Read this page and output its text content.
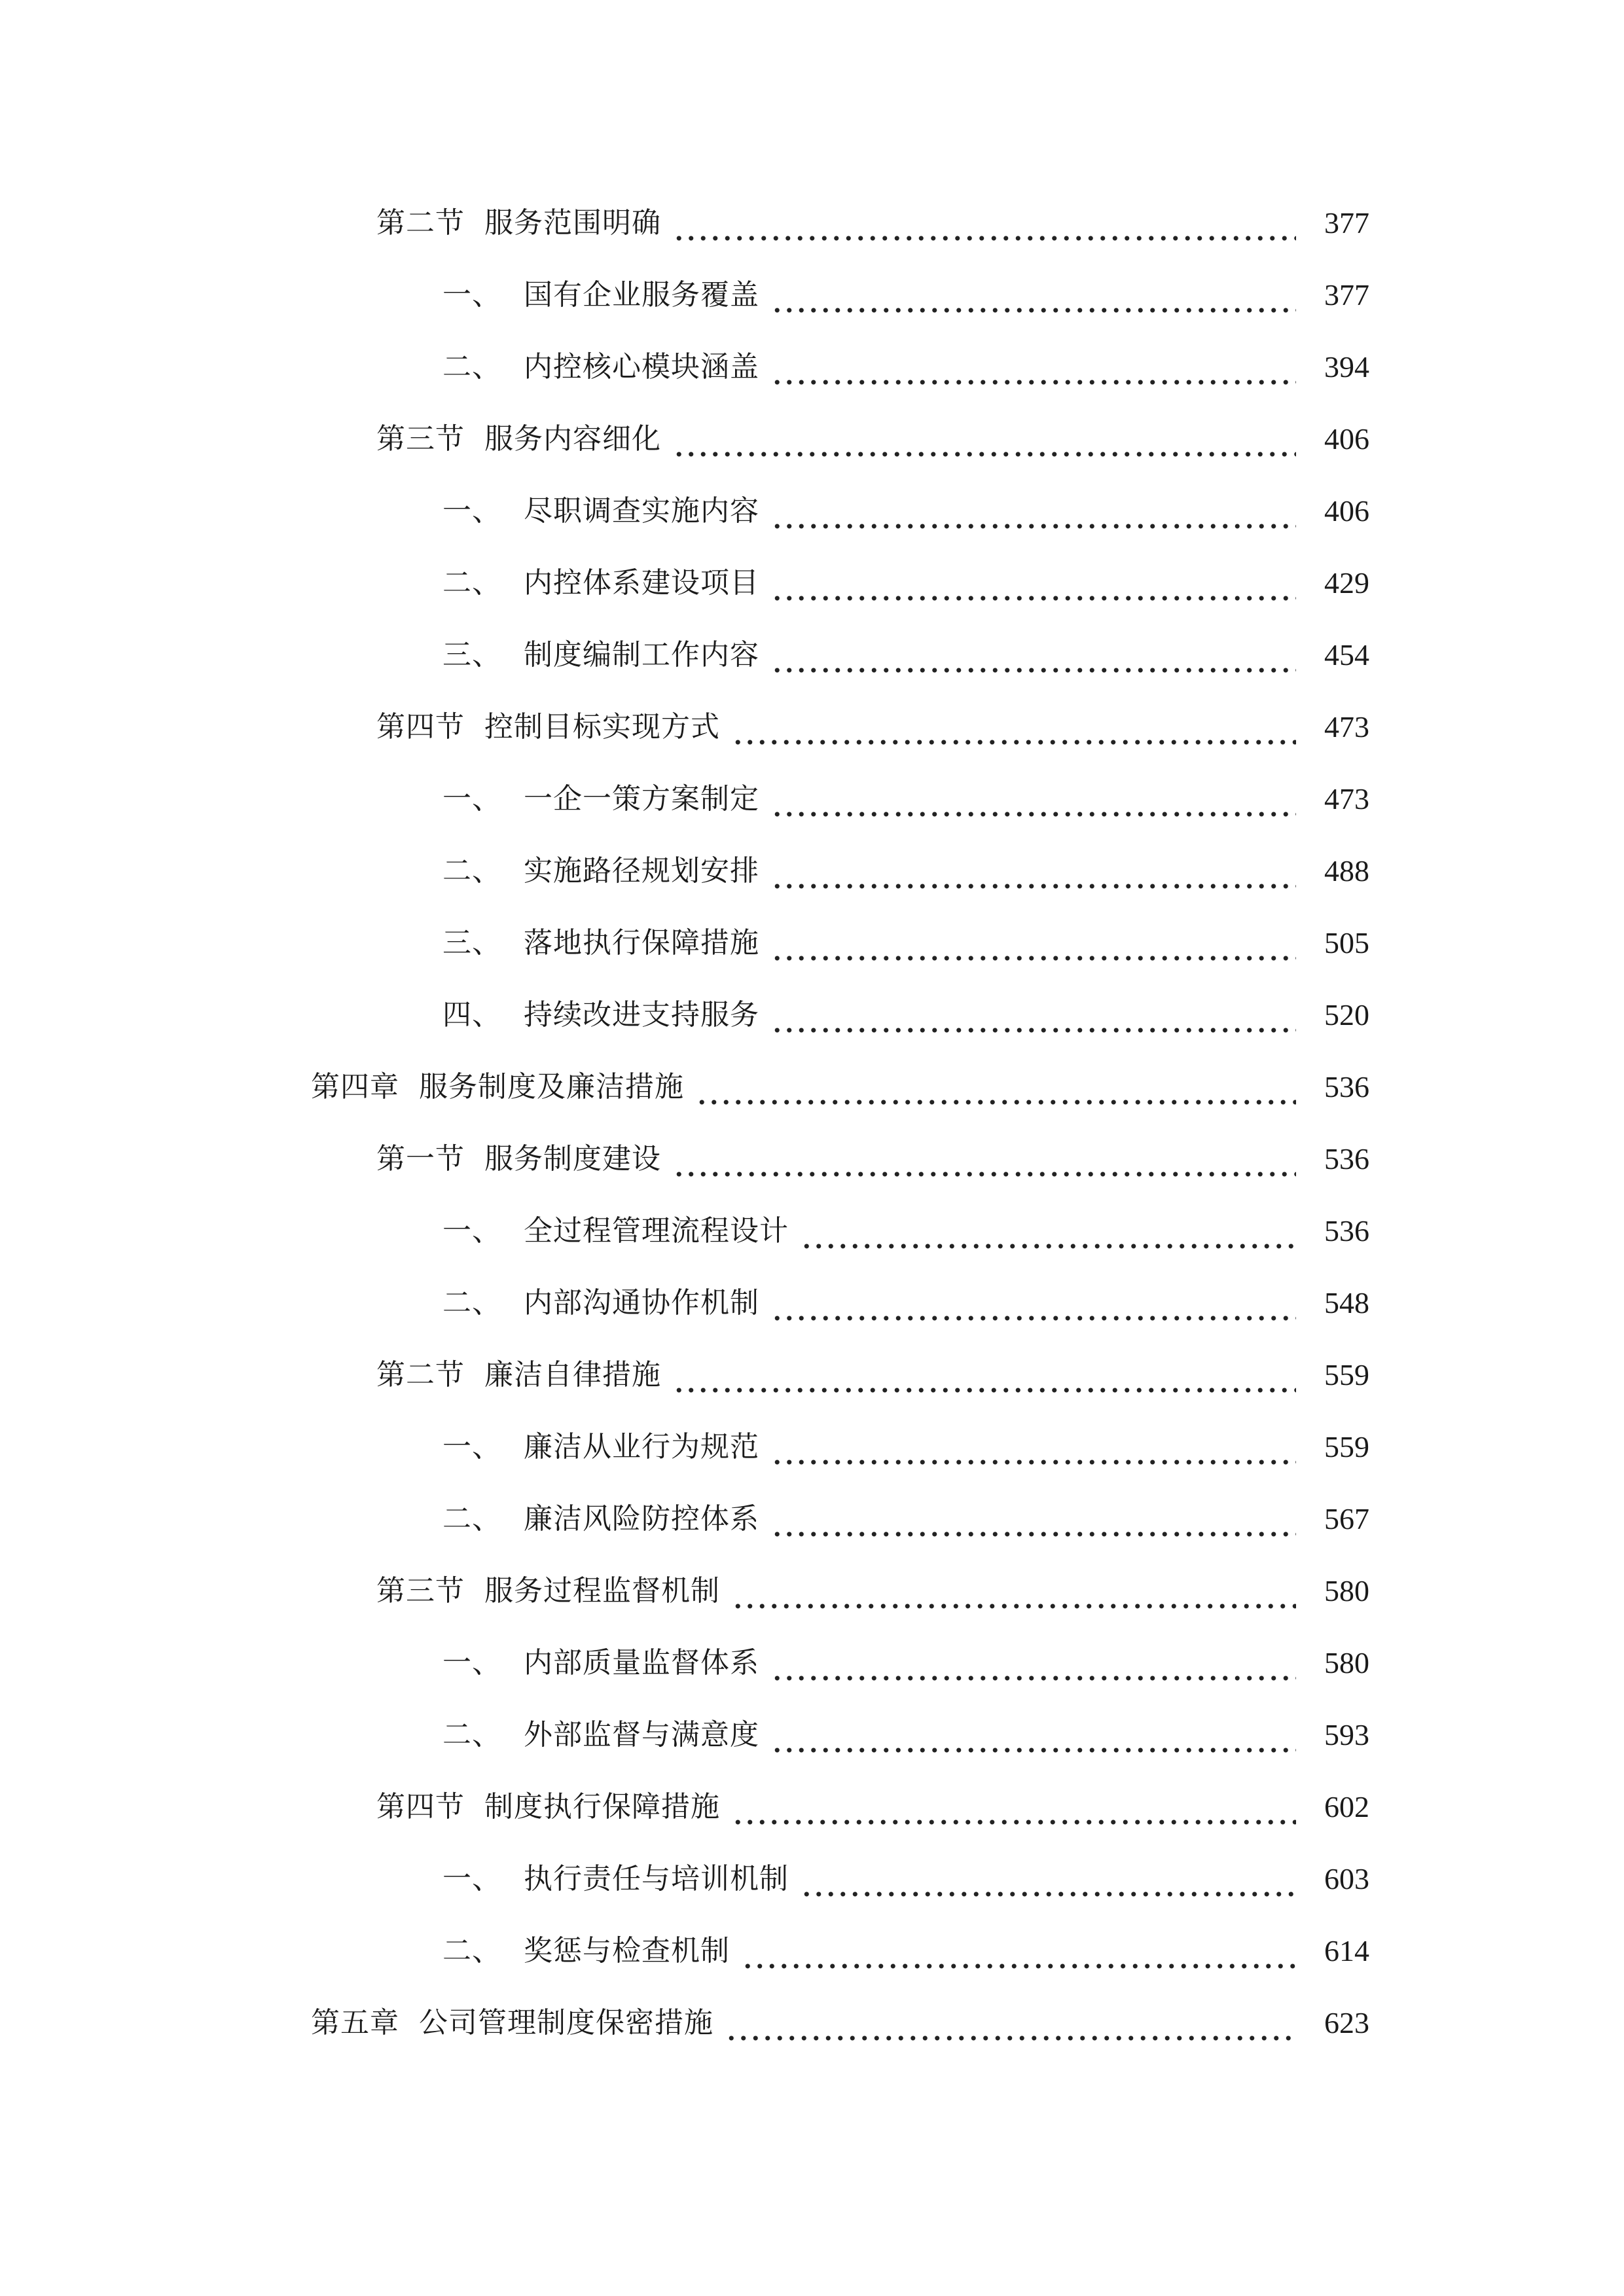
第二节 服务范围明确	377
一、 国有企业服务覆盖	377
二、 内控核心模块涵盖	394
第三节 服务内容细化	406
一、 尽职调查实施内容	406
二、 内控体系建设项目	429
三、 制度编制工作内容	454
第四节 控制目标实现方式	473
一、 一企一策方案制定	473
二、 实施路径规划安排	488
三、 落地执行保障措施	505
四、 持续改进支持服务	520
第四章 服务制度及廉洁措施	536
第一节 服务制度建设	536
一、 全过程管理流程设计	536
二、 内部沟通协作机制	548
第二节 廉洁自律措施	559
一、 廉洁从业行为规范	559
二、 廉洁风险防控体系	567
第三节 服务过程监督机制	580
一、 内部质量监督体系	580
二、 外部监督与满意度	593
第四节 制度执行保障措施	602
一、 执行责任与培训机制	603
二、 奖惩与检查机制	614
第五章 公司管理制度保密措施	623
